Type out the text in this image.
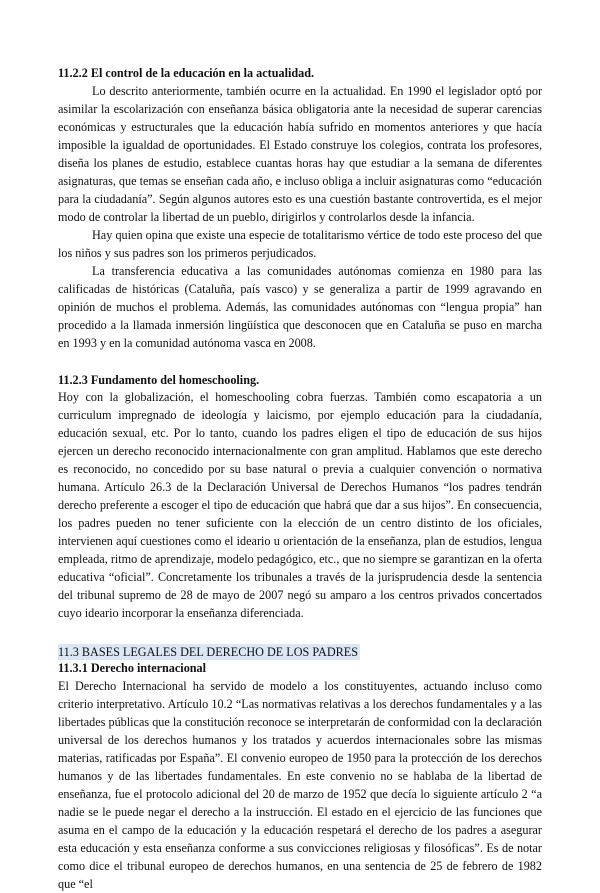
11.2.2 El control de la educación en la actualidad.

Lo descrito anteriormente, también ocurre en la actualidad. En 1990 el legislador optó por asimilar la escolarización con enseñanza básica obligatoria ante la necesidad de superar carencias económicas y estructurales que la educación había sufrido en momentos anteriores y que hacía imposible la igualdad de oportunidades. El Estado construye los colegios, contrata los profesores, diseña los planes de estudio, establece cuantas horas hay que estudiar a la semana de diferentes asignaturas, que temas se enseñan cada año, e incluso obliga a incluir asignaturas como “educación para la ciudadanía”. Según algunos autores esto es una cuestión bastante controvertida, es el mejor modo de controlar la libertad de un pueblo, dirigirlos y controlarlos desde la infancia.

Hay quien opina que existe una especie de totalitarismo vértice de todo este proceso del que los niños y sus padres son los primeros perjudicados.

La transferencia educativa a las comunidades autónomas comienza en 1980 para las calificadas de históricas (Cataluña, país vasco) y se generaliza a partir de 1999 agravando en opinión de muchos el problema. Además, las comunidades autónomas con “lengua propia” han procedido a la llamada inmersión lingüística que desconocen que en Cataluña se puso en marcha en 1993 y en la comunidad autónoma vasca en 2008.

11.2.3 Fundamento del homeschooling.

Hoy con la globalización, el homeschooling cobra fuerzas. También como escapatoria a un curriculum impregnado de ideología y laicismo, por ejemplo educación para la ciudadanía, educación sexual, etc. Por lo tanto, cuando los padres eligen el tipo de educación de sus hijos ejercen un derecho reconocido internacionalmente con gran amplitud. Hablamos que este derecho es reconocido, no concedido por su base natural o previa a cualquier convención o normativa humana. Artículo 26.3 de la Declaración Universal de Derechos Humanos “los padres tendrán derecho preferente a escoger el tipo de educación que habrá que dar a sus hijos”. En consecuencia, los padres pueden no tener suficiente con la elección de un centro distinto de los oficiales, intervienen aquí cuestiones como el ideario u orientación de la enseñanza, plan de estudios, lengua empleada, ritmo de aprendizaje, modelo pedagógico, etc., que no siempre se garantizan en la oferta educativa “oficial”. Concretamente los tribunales a través de la jurisprudencia desde la sentencia del tribunal supremo de 28 de mayo de 2007 negó su amparo a los centros privados concertados cuyo ideario incorporar la enseñanza diferenciada.

11.3 BASES LEGALES DEL DERECHO DE LOS PADRES

11.3.1 Derecho internacional

El Derecho Internacional ha servido de modelo a los constituyentes, actuando incluso como criterio interpretativo. Artículo 10.2 “Las normativas relativas a los derechos fundamentales y a las libertades públicas que la constitución reconoce se interpretarán de conformidad con la declaración universal de los derechos humanos y los tratados y acuerdos internacionales sobre las mismas materias, ratificadas por España”. El convenio europeo de 1950 para la protección de los derechos humanos y de las libertades fundamentales. En este convenio no se hablaba de la libertad de enseñanza, fue el protocolo adicional del 20 de marzo de 1952 que decía lo siguiente artículo 2 “a nadie se le puede negar el derecho a la instrucción. El estado en el ejercicio de las funciones que asuma en el campo de la educación y la educación respetará el derecho de los padres a asegurar esta educación y esta enseñanza conforme a sus convicciones religiosas y filosóficas”. Es de notar como dice el tribunal europeo de derechos humanos, en una sentencia de 25 de febrero de 1982 que “el
